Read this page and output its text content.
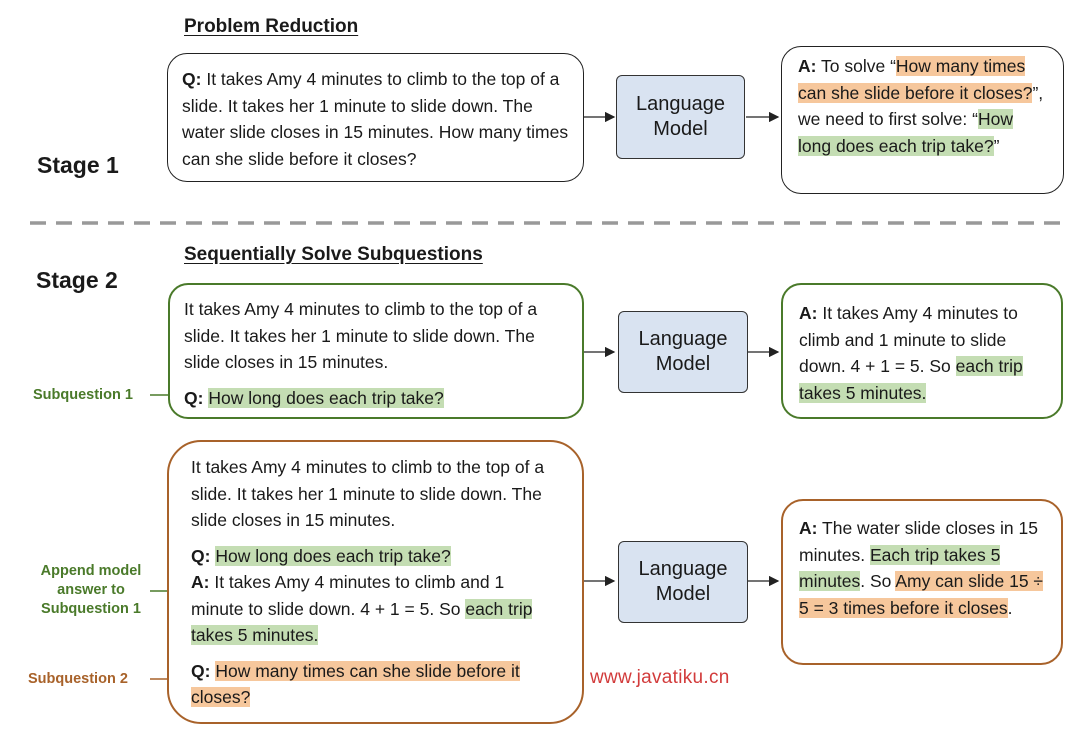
Problem Reduction
Stage 1

Q: It takes Amy 4 minutes to climb to the top of a slide. It takes her 1 minute to slide down. The water slide closes in 15 minutes. How many times can she slide before it closes?

Language
Model

A: To solve “How many times can she slide before it closes?”, we need to first solve: “How long does each trip take?”

Stage 2
Sequentially Solve Subquestions
Subquestion 1

It takes Amy 4 minutes to climb to the top of a slide. It takes her 1 minute to slide down. The slide closes in 15 minutes.

Q: How long does each trip take?

Language
Model

A: It takes Amy 4 minutes to climb and 1 minute to slide down. 4 + 1 = 5. So each trip takes 5 minutes.

Append model answer to Subquestion 1
Subquestion 2

It takes Amy 4 minutes to climb to the top of a slide. It takes her 1 minute to slide down. The slide closes in 15 minutes.

Q: How long does each trip take?

A: It takes Amy 4 minutes to climb and 1 minute to slide down. 4 + 1 = 5. So each trip takes 5 minutes.

Q: How many times can she slide before it closes?

Language
Model

A: The water slide closes in 15 minutes. Each trip takes 5 minutes. So Amy can slide 15 ÷ 5 = 3 times before it closes.

www.javatiku.cn
